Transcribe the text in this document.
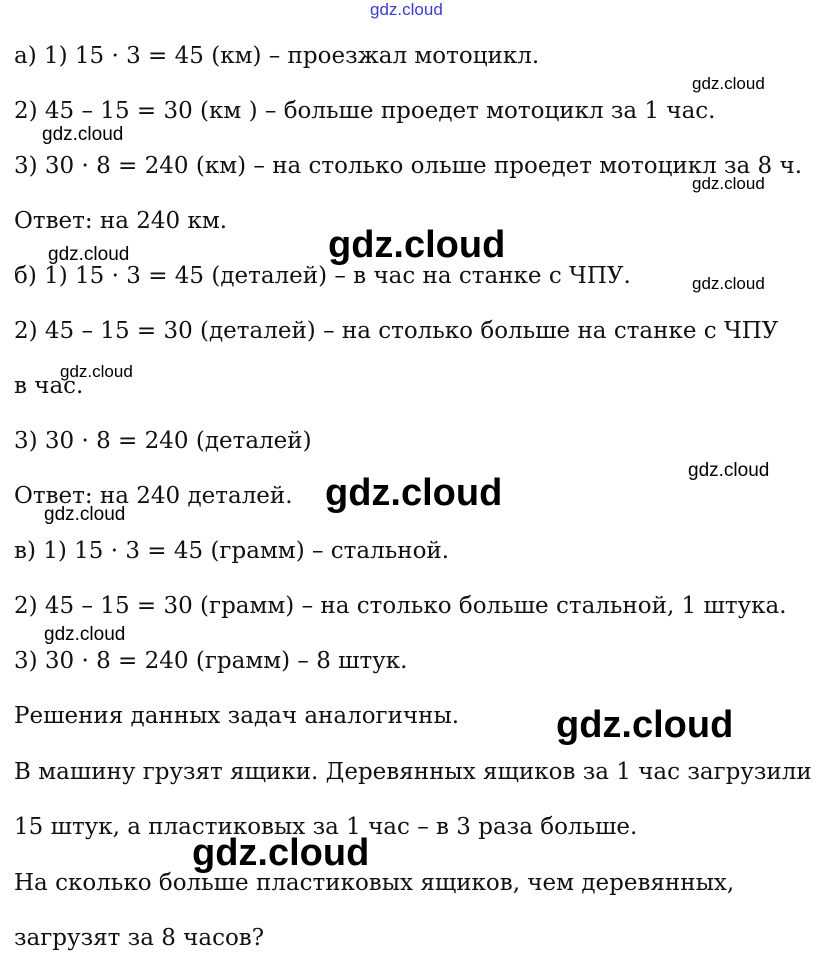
а) 1) 15 · 3 = 45 (км) – проезжал мотоцикл.
2) 45 – 15 = 30 (км ) – больше проедет мотоцикл за 1 час.
3) 30 · 8 = 240 (км) – на столько ольше проедет мотоцикл за 8 ч.
Ответ: на 240 км.
б) 1) 15 · 3 = 45 (деталей) – в час на станке с ЧПУ.
2) 45 – 15 = 30 (деталей) – на столько больше на станке с ЧПУ
в час.
3) 30 · 8 = 240 (деталей)
Ответ: на 240 деталей.
в) 1) 15 · 3 = 45 (грамм) – стальной.
2) 45 – 15 = 30 (грамм) – на столько больше стальной, 1 штука.
3) 30 · 8 = 240 (грамм) – 8 штук.
Решения данных задач аналогичны.
В машину грузят ящики. Деревянных ящиков за 1 час загрузили
15 штук, а пластиковых за 1 час – в 3 раза больше.
На сколько больше пластиковых ящиков, чем деревянных,
загрузят за 8 часов?
gdz.cloud
gdz.cloud
gdz.cloud
gdz.cloud
gdz.cloud
gdz.cloud
gdz.cloud
gdz.cloud
gdz.cloud
gdz.cloud
gdz.cloud
gdz.cloud
gdz.cloud
gdz.cloud
